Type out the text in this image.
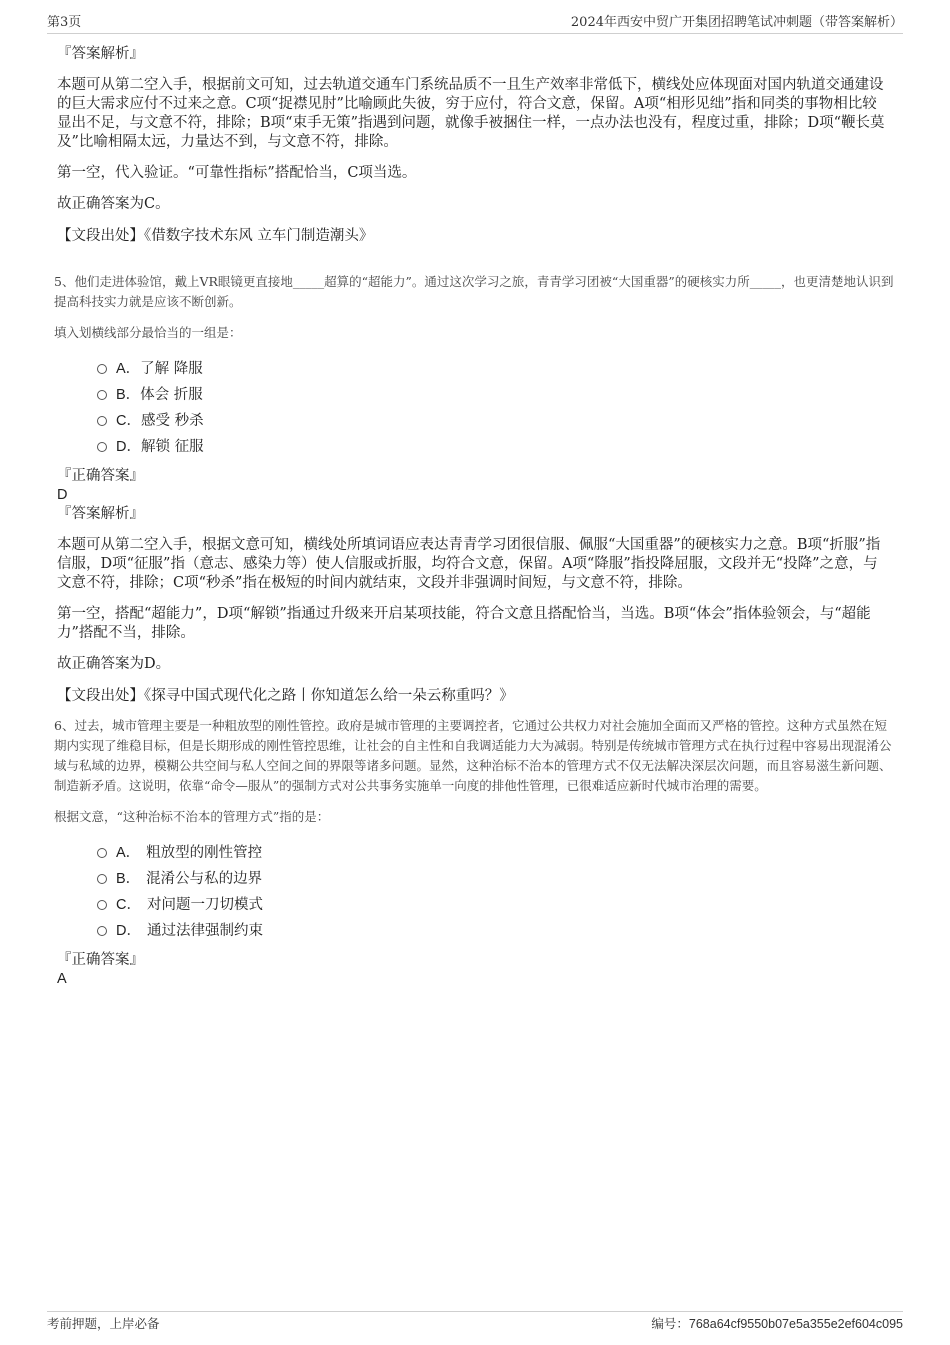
第3页	2024年西安中贸广开集团招聘笔试冲刺题（带答案解析）

『答案解析』

本题可从第二空入手，根据前文可知，过去轨道交通车门系统品质不一且生产效率非常低下，横线处应体现面对国内轨道交通建设的巨大需求应付不过来之意。C项“捉襟见肘”比喻顾此失彼，穷于应付，符合文意，保留。A项“相形见绌”指和同类的事物相比较显出不足，与文意不符，排除；B项“束手无策”指遇到问题，就像手被捆住一样，一点办法也没有，程度过重，排除；D项“鞭长莫及”比喻相隔太远，力量达不到，与文意不符，排除。

第一空，代入验证。“可靠性指标”搭配恰当，C项当选。

故正确答案为C。

【文段出处】《借数字技术东风 立车门制造潮头》

5、他们走进体验馆，戴上VR眼镜更直接地_____超算的“超能力”。通过这次学习之旅，青青学习团被“大国重器”的硬核实力所_____，也更清楚地认识到提高科技实力就是应该不断创新。

填入划横线部分最恰当的一组是：

A． 了解 降服
B． 体会 折服
C． 感受 秒杀
D． 解锁 征服

『正确答案』

D

『答案解析』

本题可从第二空入手，根据文意可知，横线处所填词语应表达青青学习团很信服、佩服“大国重器”的硬核实力之意。B项“折服”指信服，D项“征服”指（意志、感染力等）使人信服或折服，均符合文意，保留。A项“降服”指投降屈服，文段并无“投降”之意，与文意不符，排除；C项“秒杀”指在极短的时间内就结束，文段并非强调时间短，与文意不符，排除。

第一空，搭配“超能力”，D项“解锁”指通过升级来开启某项技能，符合文意且搭配恰当，当选。B项“体会”指体验领会，与“超能力”搭配不当，排除。

故正确答案为D。

【文段出处】《探寻中国式现代化之路丨你知道怎么给一朵云称重吗？》

6、过去，城市管理主要是一种粗放型的刚性管控。政府是城市管理的主要调控者，它通过公共权力对社会施加全面而又严格的管控。这种方式虽然在短期内实现了维稳目标，但是长期形成的刚性管控思维，让社会的自主性和自我调适能力大为减弱。特别是传统城市管理方式在执行过程中容易出现混淆公域与私域的边界，模糊公共空间与私人空间之间的界限等诸多问题。显然，这种治标不治本的管理方式不仅无法解决深层次问题，而且容易滋生新问题、制造新矛盾。这说明，依靠“命令—服从”的强制方式对公共事务实施单一向度的排他性管理，已很难适应新时代城市治理的需要。

根据文意，“这种治标不治本的管理方式”指的是：

A． 粗放型的刚性管控
B． 混淆公与私的边界
C． 对问题一刀切模式
D． 通过法律强制约束

『正确答案』

A

考前押题，上岸必备	编号：768a64cf9550b07e5a355e2ef604c095
